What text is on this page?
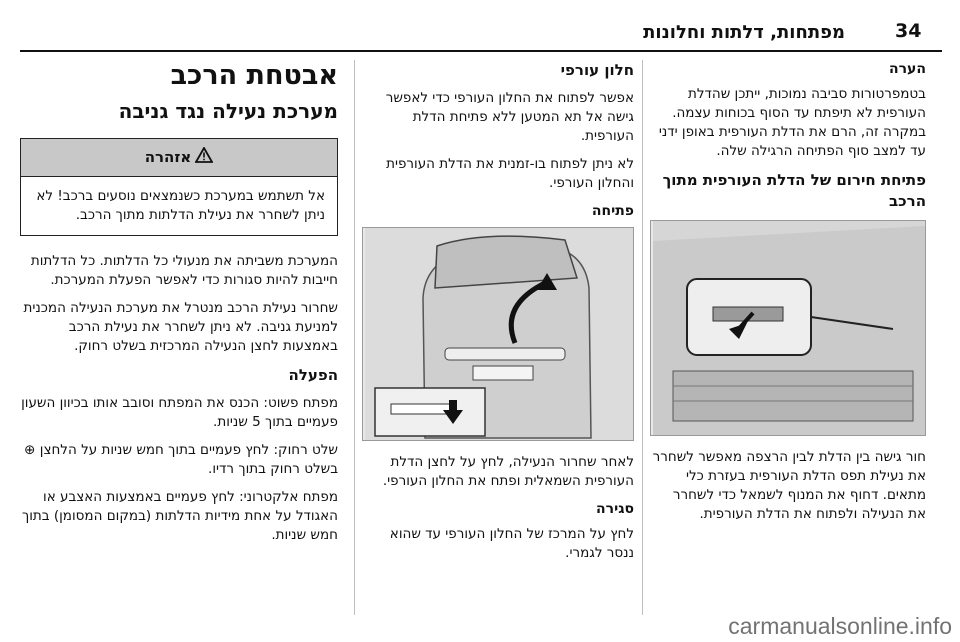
34
מפתחות, דלתות וחלונות
אבטחת הרכב
מערכת נעילה נגד גניבה
אזהרה
אל תשתמש במערכת כשנמצאים נוסעים ברכב! לא ניתן לשחרר את נעילת הדלתות מתוך הרכב.

המערכת משביתה את מנעולי כל הדלתות. כל הדלתות חייבות להיות סגורות כדי לאפשר הפעלת המערכת.

שחרור נעילת הרכב מנטרל את מערכת הנעילה המכנית למניעת גניבה. לא ניתן לשחרר את נעילת הרכב באמצעות לחצן הנעילה המרכזית בשלט רחוק.

הפעלה

מפתח פשוט: הכנס את המפתח וסובב אותו בכיוון השעון פעמיים בתוך 5 שניות.

שלט רחוק: לחץ פעמיים בתוך חמש שניות על הלחצן ⊕ בשלט רחוק בתוך רדיו.

מפתח אלקטרוני: לחץ פעמיים באמצעות האצבע או האגודל על אחת מידיות הדלתות (במקום המסומן) בתוך חמש שניות.

חלון עורפי

אפשר לפתוח את החלון העורפי כדי לאפשר גישה אל תא המטען ללא פתיחת הדלת העורפית.

לא ניתן לפתוח בו-זמנית את הדלת העורפית והחלון העורפי.

פתיחה

לאחר שחרור הנעילה, לחץ על לחצן הדלת העורפית השמאלית ופתח את החלון העורפי.

סגירה

לחץ על המרכז של החלון העורפי עד שהוא ננסר לגמרי.

הערה

בטמפרטורות סביבה נמוכות, ייתכן שהדלת העורפית לא תיפתח עד הסוף בכוחות עצמה. במקרה זה, הרם את הדלת העורפית באופן ידני עד למצב סוף הפתיחה הרגילה שלה.

פתיחת חירום של הדלת העורפית מתוך הרכב

חור גישה בין הדלת לבין הרצפה מאפשר לשחרר את נעילת תפס הדלת העורפית בעזרת כלי מתאים. דחוף את המנוף לשמאל כדי לשחרר את הנעילה ולפתוח את הדלת העורפית.

carmanualsonline.info
